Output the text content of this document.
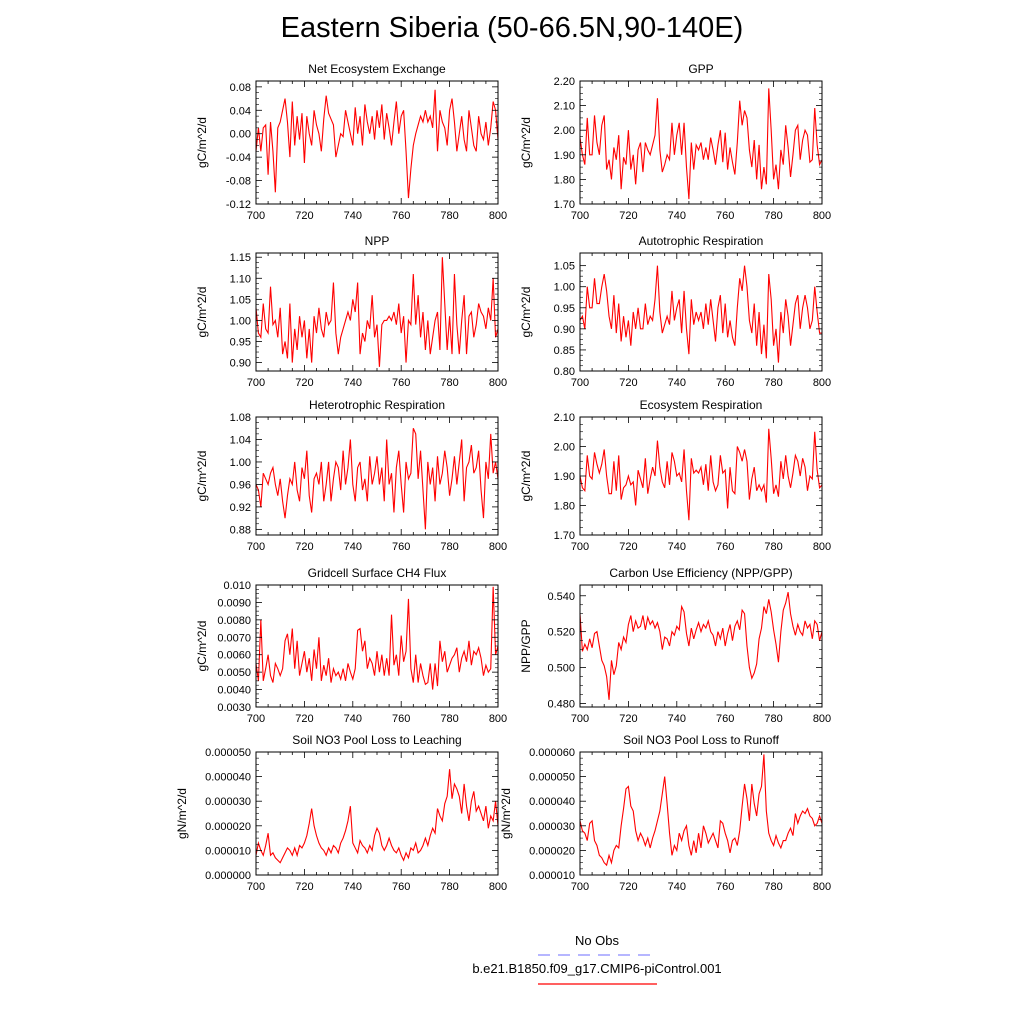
Eastern Siberia (50-66.5N,90-140E)
700	720	740	760	780	800
-0.12
-0.08
-0.04
0.00
0.04
0.08
Net Ecosystem Exchange
gC/m^2/d
700	720	740	760	780	800
1.70
1.80
1.90
2.00
2.10
2.20
GPP
gC/m^2/d
700	720	740	760	780	800
0.90
0.95
1.00
1.05
1.10
1.15
NPP
gC/m^2/d
700	720	740	760	780	800
0.80
0.85
0.90
0.95
1.00
1.05
Autotrophic Respiration
gC/m^2/d
700	720	740	760	780	800
0.88
0.92
0.96
1.00
1.04
1.08
Heterotrophic Respiration
gC/m^2/d
700	720	740	760	780	800
1.70
1.80
1.90
2.00
2.10
Ecosystem Respiration
gC/m^2/d
700	720	740	760	780	800
0.0030
0.0040
0.0050
0.0060
0.0070
0.0080
0.0090
0.010
Gridcell Surface CH4 Flux
gC/m^2/d
700	720	740	760	780	800
0.480
0.500
0.520
0.540
Carbon Use Efficiency (NPP/GPP)
NPP/GPP
700	720	740	760	780	800
0.000000
0.000010
0.000020
0.000030
0.000040
0.000050
Soil NO3 Pool Loss to Leaching
gN/m^2/d
700	720	740	760	780	800
0.000010
0.000020
0.000030
0.000040
0.000050
0.000060
Soil NO3 Pool Loss to Runoff
gN/m^2/d
No Obs
b.e21.B1850.f09_g17.CMIP6-piControl.001
